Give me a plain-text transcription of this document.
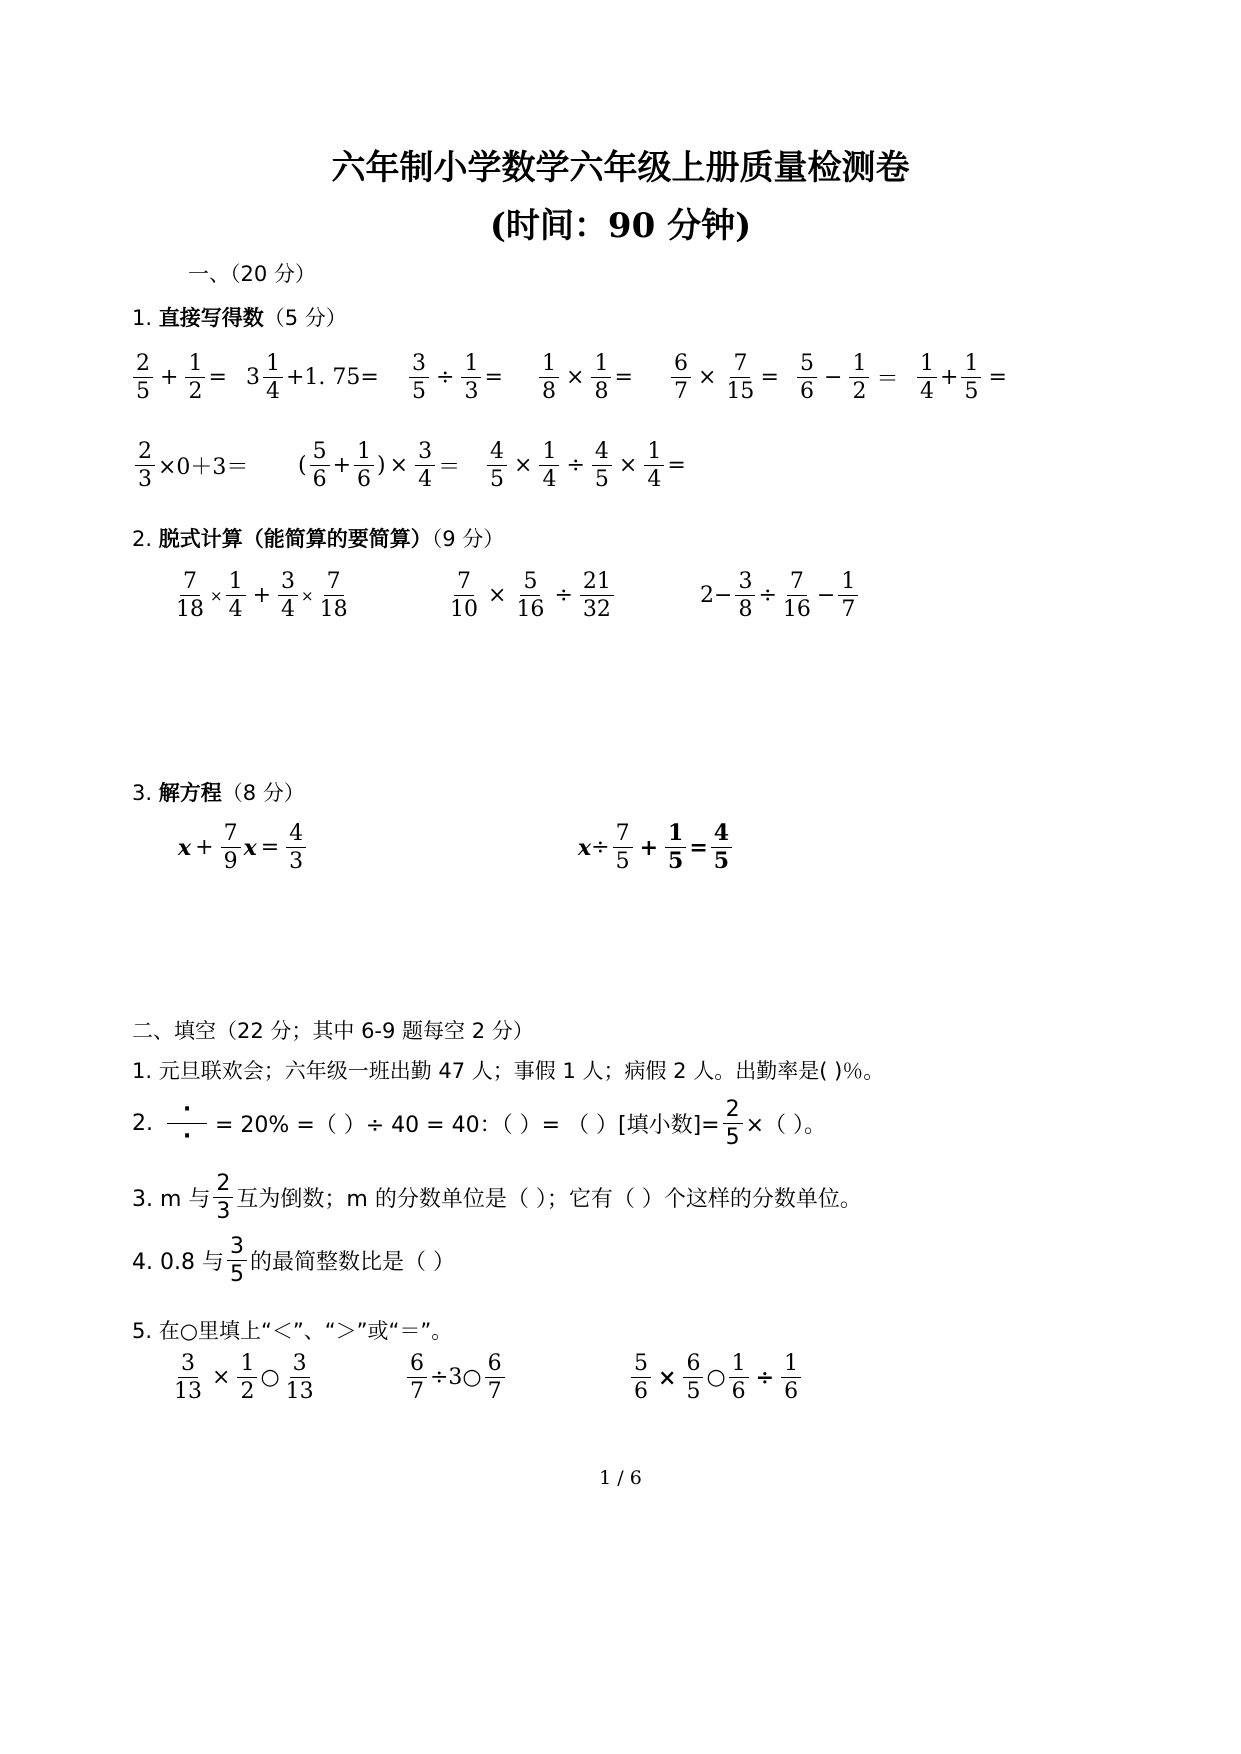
六年制小学数学六年级上册质量检测卷
(时间：90 分钟)
一、（20 分）
1. 直接写得数（5 分）
$\frac{2}{5} + \frac{1}{2} = 3 \frac{1}{4} +1$. $75= \frac{3}{5} \div \frac{1}{3} = \frac{1}{8} \times \frac{1}{8} = \frac{6}{7} \times \frac{7}{15} = \frac{5}{6} - \frac{1}{2} = \frac{1}{4} + \frac{1}{5}$ =
$\frac{2}{3} \times 0+3=$ ( $\frac{5}{6} + \frac{1}{6}$ ) × $\frac{3}{4} = \frac{4}{5} \times \frac{1}{4} \div \frac{4}{5} \times \frac{1}{4}$ =
2. 脱式计算（能简算的要简算）（9 分）
$\frac{7}{18} \times \frac{1}{4} + \frac{3}{4} \times \frac{7}{18}$	$\frac{7}{10} \times \frac{5}{16} \div \frac{21}{32}$	$2- \frac{3}{8} \div \frac{7}{16} - \frac{1}{7}$
3. 解方程（8 分）
$x + \frac{7}{9}$ $x = \frac{4}{3}$	$x \div \frac{7}{5} + \frac{1}{5} = \frac{4}{5}$
二、填空（22 分；其中 6-9 题每空 2 分）
1. 元旦联欢会；六年级一班出勤 47 人；事假 1 人；病假 2 人。出勤率是( )％。
2.
·
· = 20% =（ ）÷ 40 = 40：（ ）= （ ）[填小数]= $\frac{2}{5}$ ×（ ）。
3. m 与 $\frac{2}{3}$ 互为倒数；m 的分数单位是（ ）；它有（ ）个这样的分数单位。
4. 0.8 与 $\frac{3}{5}$ 的最简整数比是（ ）
5. 在○里填上“＜”、“＞”或“＝”。
$\frac{3}{13} \times \frac{1}{2}$ ○ $\frac{3}{13}$	$\frac{6}{7}$ ÷3○ $\frac{6}{7}$	$\frac{5}{6} \times \frac{6}{5}$ ○ $\frac{1}{6} \div \frac{1}{6}$
1 / 6
